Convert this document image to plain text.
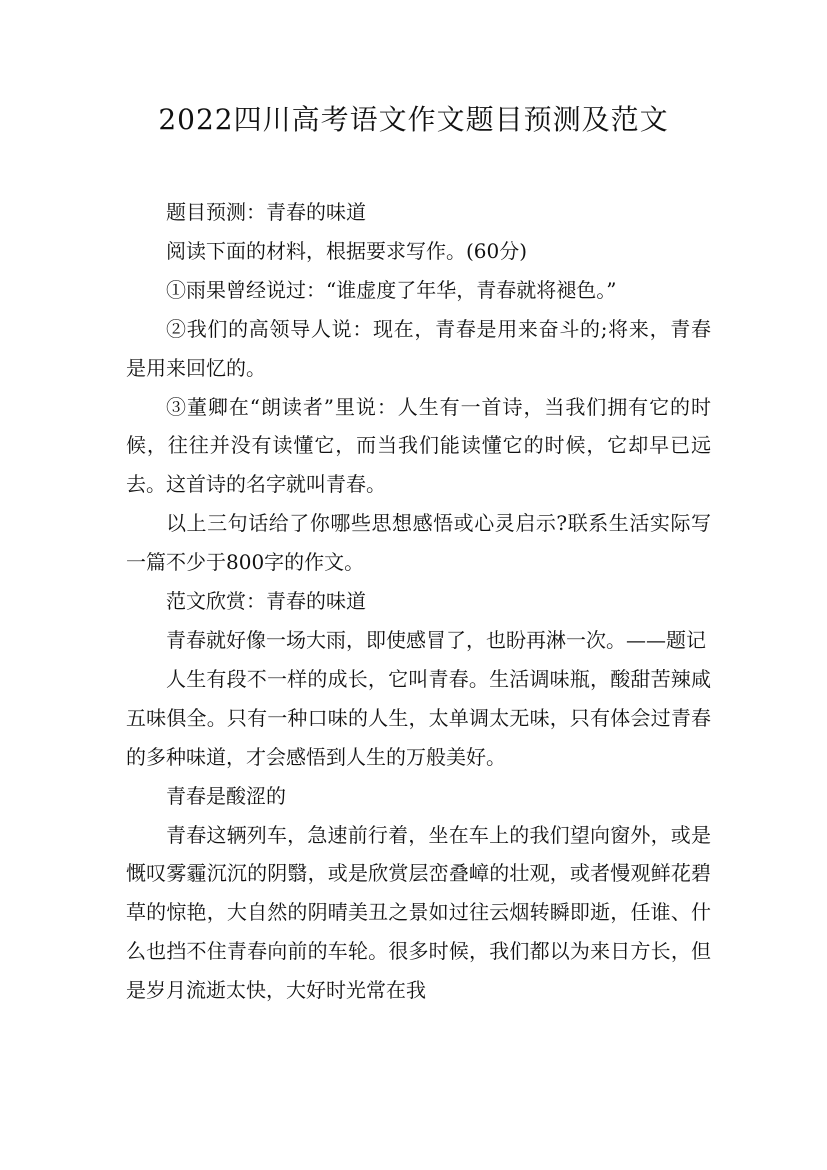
2022四川高考语文作文题目预测及范文

题目预测：青春的味道

阅读下面的材料，根据要求写作。(60分)

①雨果曾经说过：“谁虚度了年华，青春就将褪色。”

②我们的高领导人说：现在，青春是用来奋斗的;将来，青春是用来回忆的。

③董卿在“朗读者”里说：人生有一首诗，当我们拥有它的时候，往往并没有读懂它，而当我们能读懂它的时候，它却早已远去。这首诗的名字就叫青春。

以上三句话给了你哪些思想感悟或心灵启示?联系生活实际写一篇不少于800字的作文。

范文欣赏：青春的味道

青春就好像一场大雨，即使感冒了，也盼再淋一次。——题记

人生有段不一样的成长，它叫青春。生活调味瓶，酸甜苦辣咸五味俱全。只有一种口味的人生，太单调太无味，只有体会过青春的多种味道，才会感悟到人生的万般美好。

青春是酸涩的

青春这辆列车，急速前行着，坐在车上的我们望向窗外，或是慨叹雾霾沉沉的阴翳，或是欣赏层峦叠嶂的壮观，或者慢观鲜花碧草的惊艳，大自然的阴晴美丑之景如过往云烟转瞬即逝，任谁、什么也挡不住青春向前的车轮。很多时候，我们都以为来日方长，但是岁月流逝太快，大好时光常在我
